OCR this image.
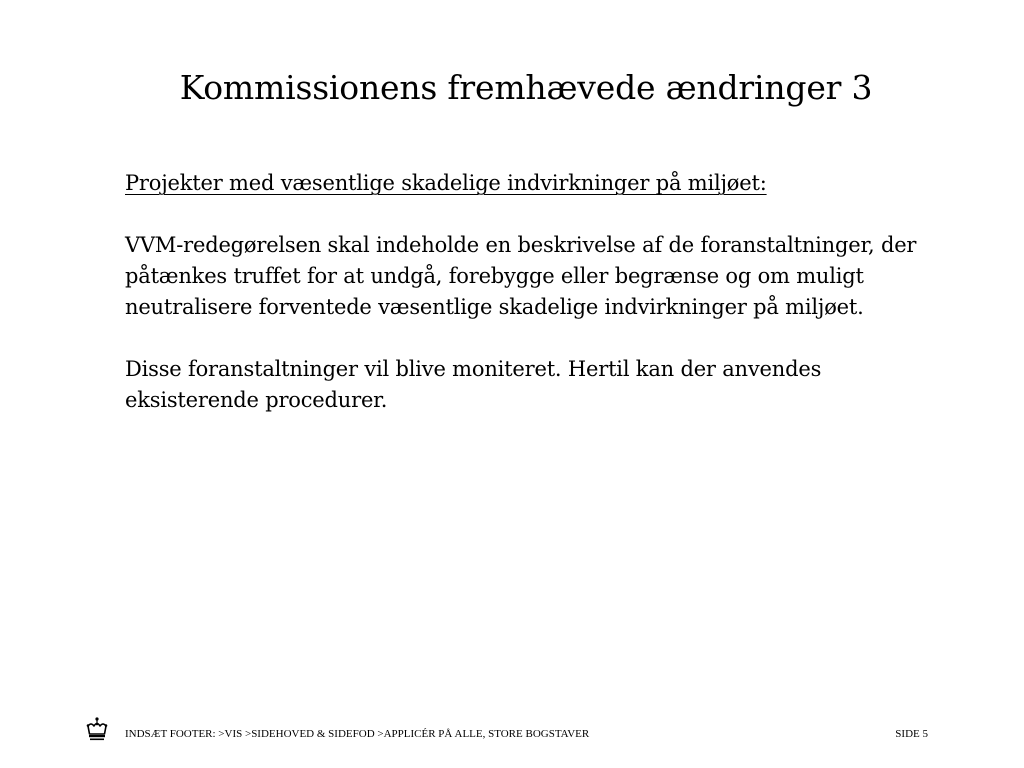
Kommissionens fremhævede ændringer 3

Projekter med væsentlige skadelige indvirkninger på miljøet:

VVM-redegørelsen skal indeholde en beskrivelse af de foranstaltninger, der påtænkes truffet for at undgå, forebygge eller begrænse og om muligt neutralisere forventede væsentlige skadelige indvirkninger på miljøet.

Disse foranstaltninger vil blive moniteret. Hertil kan der anvendes eksisterende procedurer.

INDSÆT FOOTER: >VIS >SIDEHOVED & SIDEFOD >APPLICÉR PÅ ALLE, STORE BOGSTAVER	SIDE 5
